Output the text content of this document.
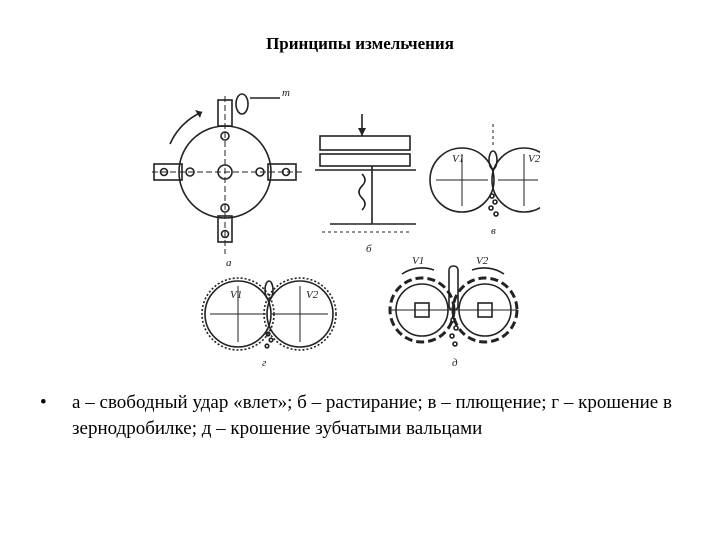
Принципы измельчения
а
б
в
г	д
m
V1	V2
V1	V2
V1	V2
• а – свободный удар «влет»; б – растирание; в – плющение; г – крошение в зернодробилке; д – крошение зубчатыми вальцами
